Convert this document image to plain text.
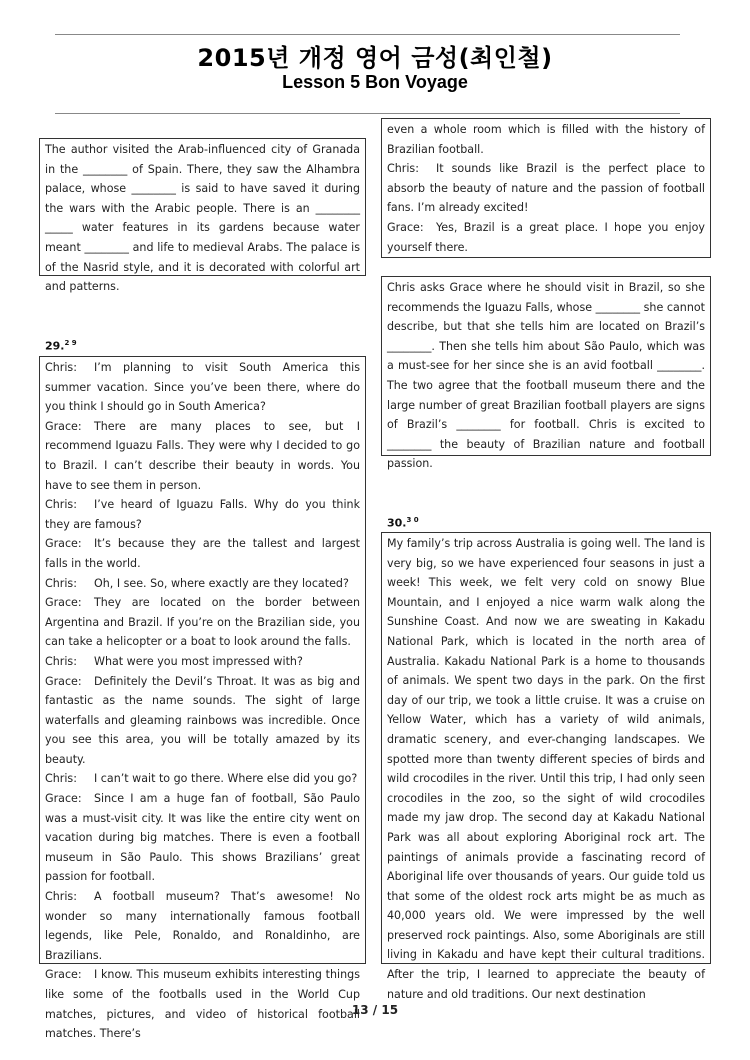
2015년 개정 영어 금성(최인철)
Lesson 5 Bon Voyage

The author visited the Arab-influenced city of Granada in the ________ of Spain. There, they saw the Alhambra palace, whose ________ is said to have saved it during the wars with the Arabic people. There is an ________ _____ water features in its gardens because water meant ________ and life to medieval Arabs. The palace is of the Nasrid style, and it is decorated with colorful art and patterns.

29.$^{2 9}$

Chris: I’m planning to visit South America this summer vacation. Since you’ve been there, where do you think I should go in South America?

Grace: There are many places to see, but I recommend Iguazu Falls. They were why I decided to go to Brazil. I can’t describe their beauty in words. You have to see them in person.

Chris: I’ve heard of Iguazu Falls. Why do you think they are famous?

Grace: It’s because they are the tallest and largest falls in the world.

Chris: Oh, I see. So, where exactly are they located?

Grace: They are located on the border between Argentina and Brazil. If you’re on the Brazilian side, you can take a helicopter or a boat to look around the falls.

Chris: What were you most impressed with?

Grace: Definitely the Devil’s Throat. It was as big and fantastic as the name sounds. The sight of large waterfalls and gleaming rainbows was incredible. Once you see this area, you will be totally amazed by its beauty.

Chris: I can’t wait to go there. Where else did you go?

Grace: Since I am a huge fan of football, São Paulo was a must-visit city. It was like the entire city went on vacation during big matches. There is even a football museum in São Paulo. This shows Brazilians’ great passion for football.

Chris: A football museum? That’s awesome! No wonder so many internationally famous football legends, like Pele, Ronaldo, and Ronaldinho, are Brazilians.

Grace: I know. This museum exhibits interesting things like some of the footballs used in the World Cup matches, pictures, and video of historical football matches. There’s

even a whole room which is filled with the history of Brazilian football.

Chris: It sounds like Brazil is the perfect place to absorb the beauty of nature and the passion of football fans. I’m already excited!

Grace: Yes, Brazil is a great place. I hope you enjoy yourself there.

Chris asks Grace where he should visit in Brazil, so she recommends the Iguazu Falls, whose ________ she cannot describe, but that she tells him are located on Brazil’s ________. Then she tells him about São Paulo, which was a must-see for her since she is an avid football ________. The two agree that the football museum there and the large number of great Brazilian football players are signs of Brazil’s ________ for football. Chris is excited to ________ the beauty of Brazilian nature and football passion.

30.$^{3 0}$

My family’s trip across Australia is going well. The land is very big, so we have experienced four seasons in just a week! This week, we felt very cold on snowy Blue Mountain, and I enjoyed a nice warm walk along the Sunshine Coast. And now we are sweating in Kakadu National Park, which is located in the north area of Australia. Kakadu National Park is a home to thousands of animals. We spent two days in the park. On the first day of our trip, we took a little cruise. It was a cruise on Yellow Water, which has a variety of wild animals, dramatic scenery, and ever-changing landscapes. We spotted more than twenty different species of birds and wild crocodiles in the river. Until this trip, I had only seen crocodiles in the zoo, so the sight of wild crocodiles made my jaw drop. The second day at Kakadu National Park was all about exploring Aboriginal rock art. The paintings of animals provide a fascinating record of Aboriginal life over thousands of years. Our guide told us that some of the oldest rock arts might be as much as 40,000 years old. We were impressed by the well preserved rock paintings. Also, some Aboriginals are still living in Kakadu and have kept their cultural traditions. After the trip, I learned to appreciate the beauty of nature and old traditions. Our next destination

13 / 15
